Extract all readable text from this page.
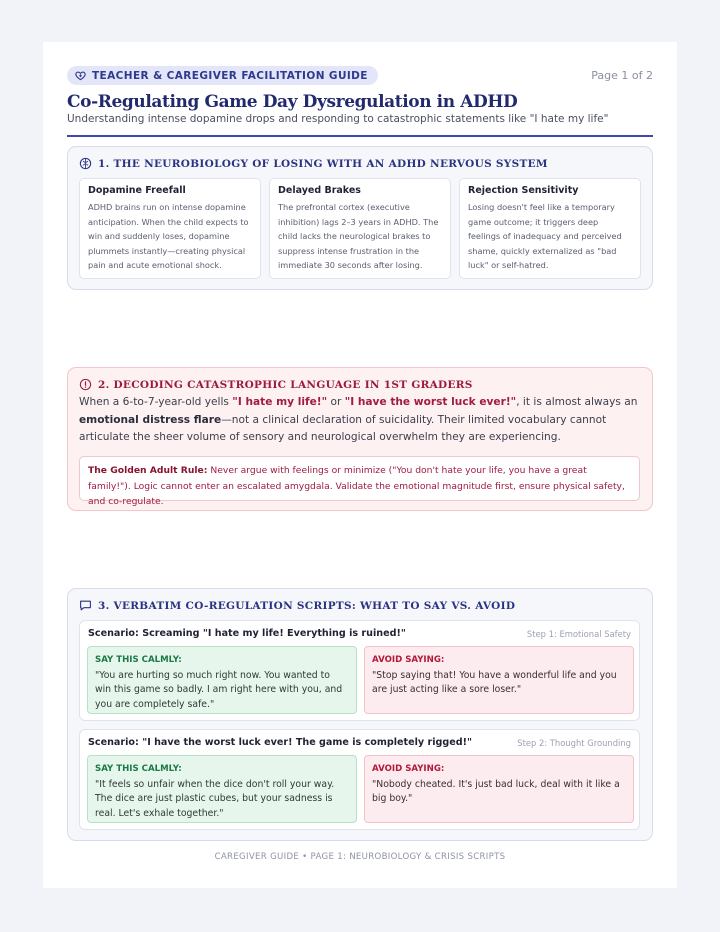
TEACHER & CAREGIVER FACILITATION GUIDE	Page 1 of 2
Co-Regulating Game Day Dysregulation in ADHD
Understanding intense dopamine drops and responding to catastrophic statements like "I hate my life"
1. THE NEUROBIOLOGY OF LOSING WITH AN ADHD NERVOUS SYSTEM
Dopamine Freefall
ADHD brains run on intense dopamine anticipation. When the child expects to win and suddenly loses, dopamine plummets instantly—creating physical pain and acute emotional shock.
Delayed Brakes
The prefrontal cortex (executive inhibition) lags 2–3 years in ADHD. The child lacks the neurological brakes to suppress intense frustration in the immediate 30 seconds after losing.
Rejection Sensitivity
Losing doesn't feel like a temporary game outcome; it triggers deep feelings of inadequacy and perceived shame, quickly externalized as "bad luck" or self-hatred.
2. DECODING CATASTROPHIC LANGUAGE IN 1ST GRADERS
When a 6-to-7-year-old yells "I hate my life!" or "I have the worst luck ever!", it is almost always an emotional distress flare—not a clinical declaration of suicidality. Their limited vocabulary cannot articulate the sheer volume of sensory and neurological overwhelm they are experiencing.
The Golden Adult Rule: Never argue with feelings or minimize ("You don't hate your life, you have a great family!"). Logic cannot enter an escalated amygdala. Validate the emotional magnitude first, ensure physical safety, and co-regulate.
3. VERBATIM CO-REGULATION SCRIPTS: WHAT TO SAY VS. AVOID
Scenario: Screaming "I hate my life! Everything is ruined!"	Step 1: Emotional Safety
SAY THIS CALMLY:
"You are hurting so much right now. You wanted to win this game so badly. I am right here with you, and you are completely safe."
AVOID SAYING:
"Stop saying that! You have a wonderful life and you are just acting like a sore loser."
Scenario: "I have the worst luck ever! The game is completely rigged!"	Step 2: Thought Grounding
SAY THIS CALMLY:
"It feels so unfair when the dice don't roll your way. The dice are just plastic cubes, but your sadness is real. Let's exhale together."
AVOID SAYING:
"Nobody cheated. It's just bad luck, deal with it like a big boy."
CAREGIVER GUIDE • PAGE 1: NEUROBIOLOGY & CRISIS SCRIPTS
